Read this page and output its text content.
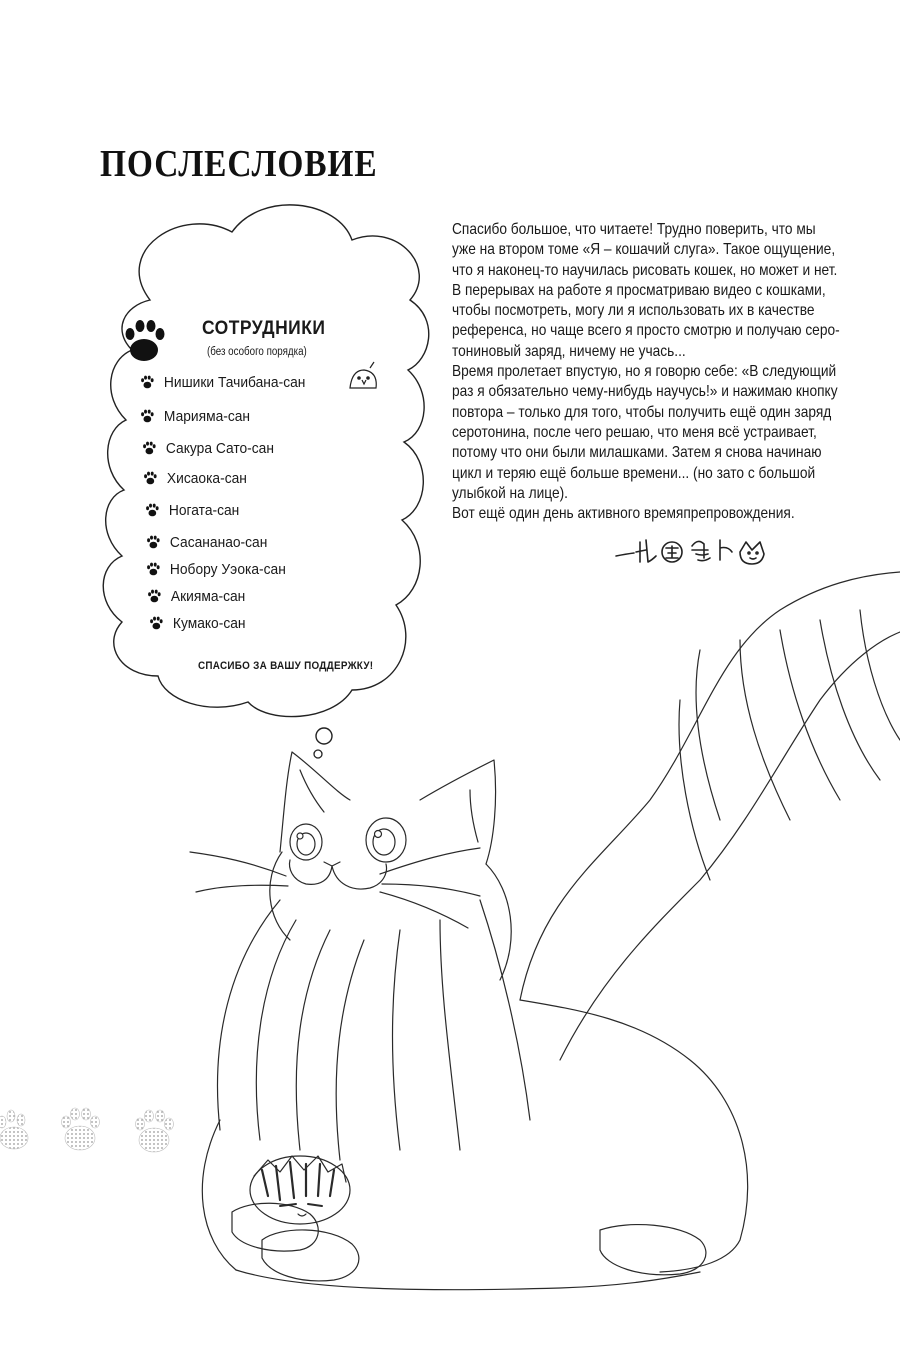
ПОСЛЕСЛОВИЕ

Спасибо большое, что читаете! Трудно поверить, что мы

уже на втором томе «Я – кошачий слуга». Такое ощущение,

что я наконец-то научилась рисовать кошек, но может и нет.

В перерывах на работе я просматриваю видео с кошками,

чтобы посмотреть, могу ли я использовать их в качестве

референса, но чаще всего я просто смотрю и получаю серо-

тониновый заряд, ничему не учась...

Время пролетает впустую, но я говорю себе: «В следующий

раз я обязательно чему-нибудь научусь!» и нажимаю кнопку

повтора – только для того, чтобы получить ещё один заряд

серотонина, после чего решаю, что меня всё устраивает,

потому что они были милашками. Затем я снова начинаю

цикл и теряю ещё больше времени... (но зато с большой

улыбкой на лице).

Вот ещё один день активного времяпрепровождения.

СОТРУДНИКИ
(без особого порядка)
Нишики Тачибана-сан
Марияма-сан
Сакура Сато-сан
Хисаока-сан
Ногата-сан
Сасананао-сан
Нобору Уэока-сан
Акияма-сан
Кумако-сан
СПАСИБО ЗА ВАШУ ПОДДЕРЖКУ!
